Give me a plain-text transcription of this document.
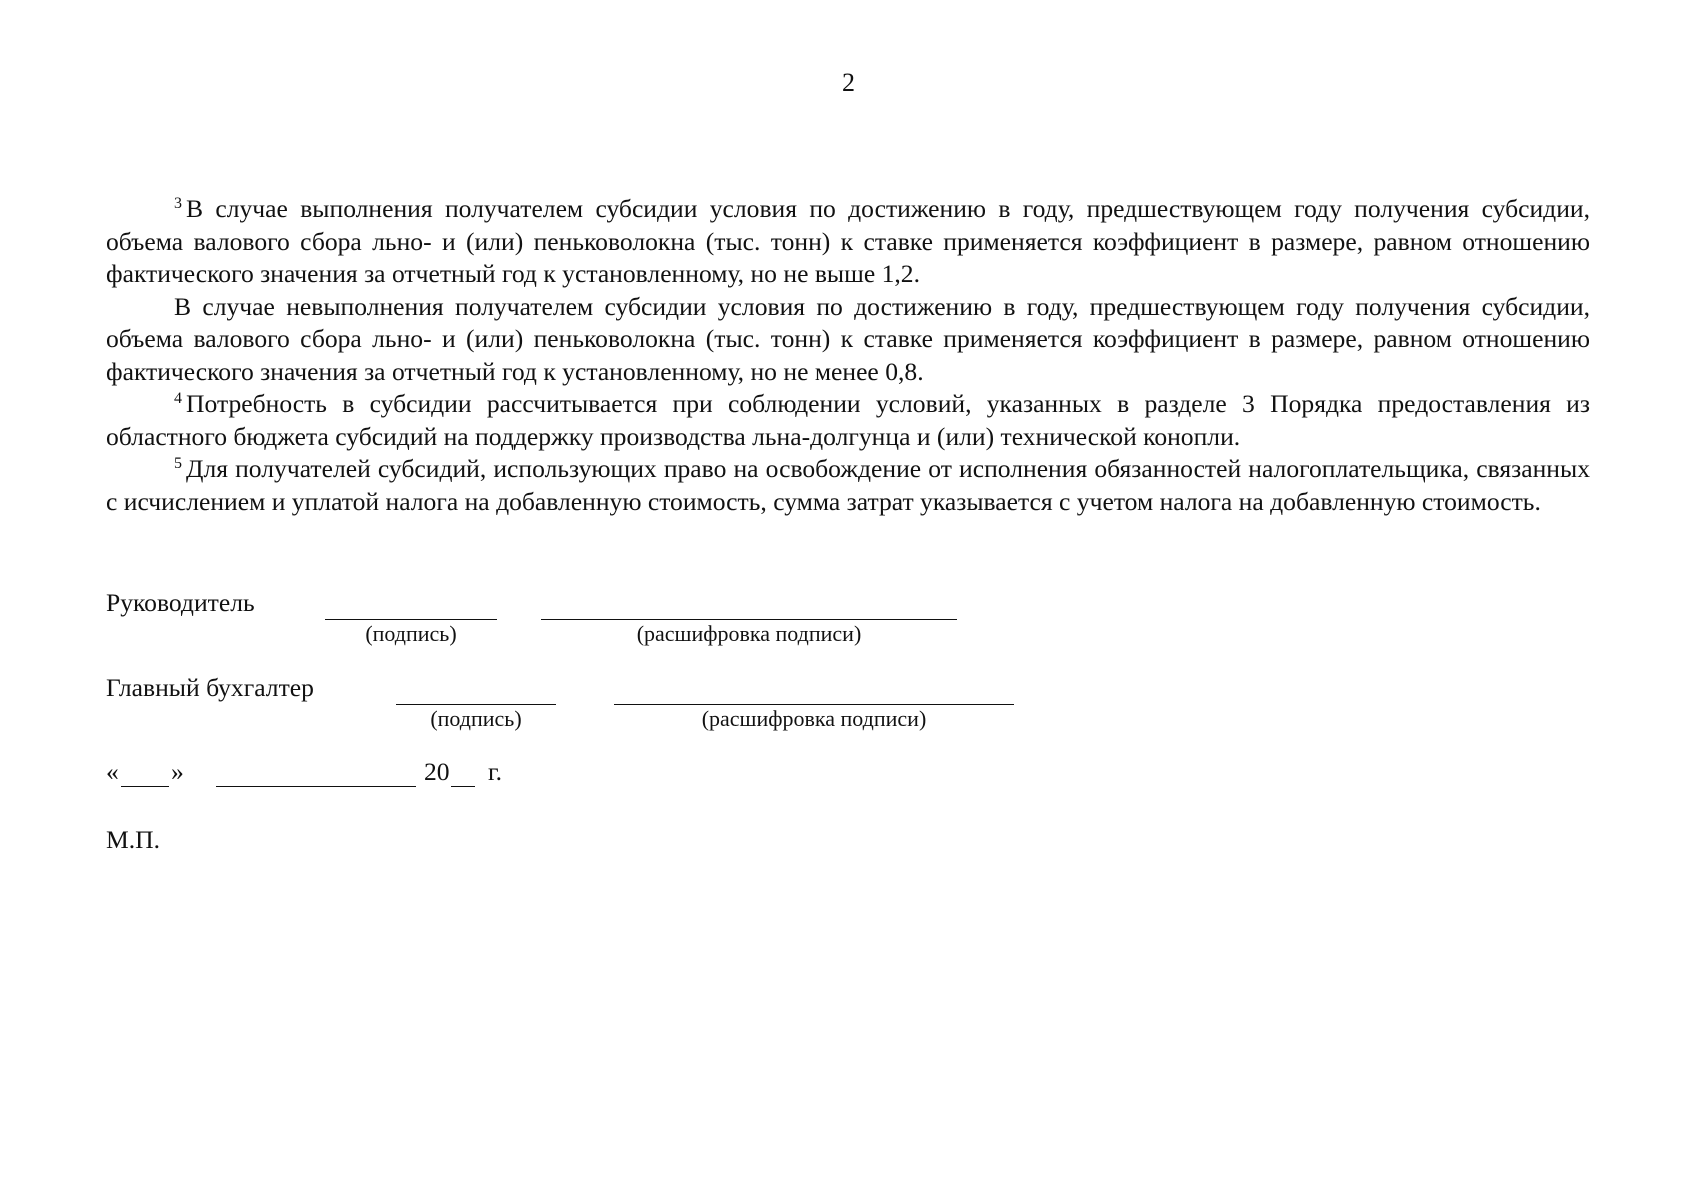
2

$^3$ В случае выполнения получателем субсидии условия по достижению в году, предшествующем году получения субсидии, объема валового сбора льно- и (или) пеньковолокна (тыс. тонн) к ставке применяется коэффициент в размере, равном отношению фактического значения за отчетный год к установленному, но не выше 1,2.

В случае невыполнения получателем субсидии условия по достижению в году, предшествующем году получения субсидии, объема валового сбора льно- и (или) пеньковолокна (тыс. тонн) к ставке применяется коэффициент в размере, равном отношению фактического значения за отчетный год к установленному, но не менее 0,8.

$^4$ Потребность в субсидии рассчитывается при соблюдении условий, указанных в разделе 3 Порядка предоставления из областного бюджета субсидий на поддержку производства льна-долгунца и (или) технической конопли.

$^5$ Для получателей субсидий, использующих право на освобождение от исполнения обязанностей налогоплательщика, связанных с исчислением и уплатой налога на добавленную стоимость, сумма затрат указывается с учетом налога на добавленную стоимость.

Руководитель
(подпись)	(расшифровка подписи)
Главный бухгалтер
(подпись)	(расшифровка подписи)
« »	20 г.
М.П.
